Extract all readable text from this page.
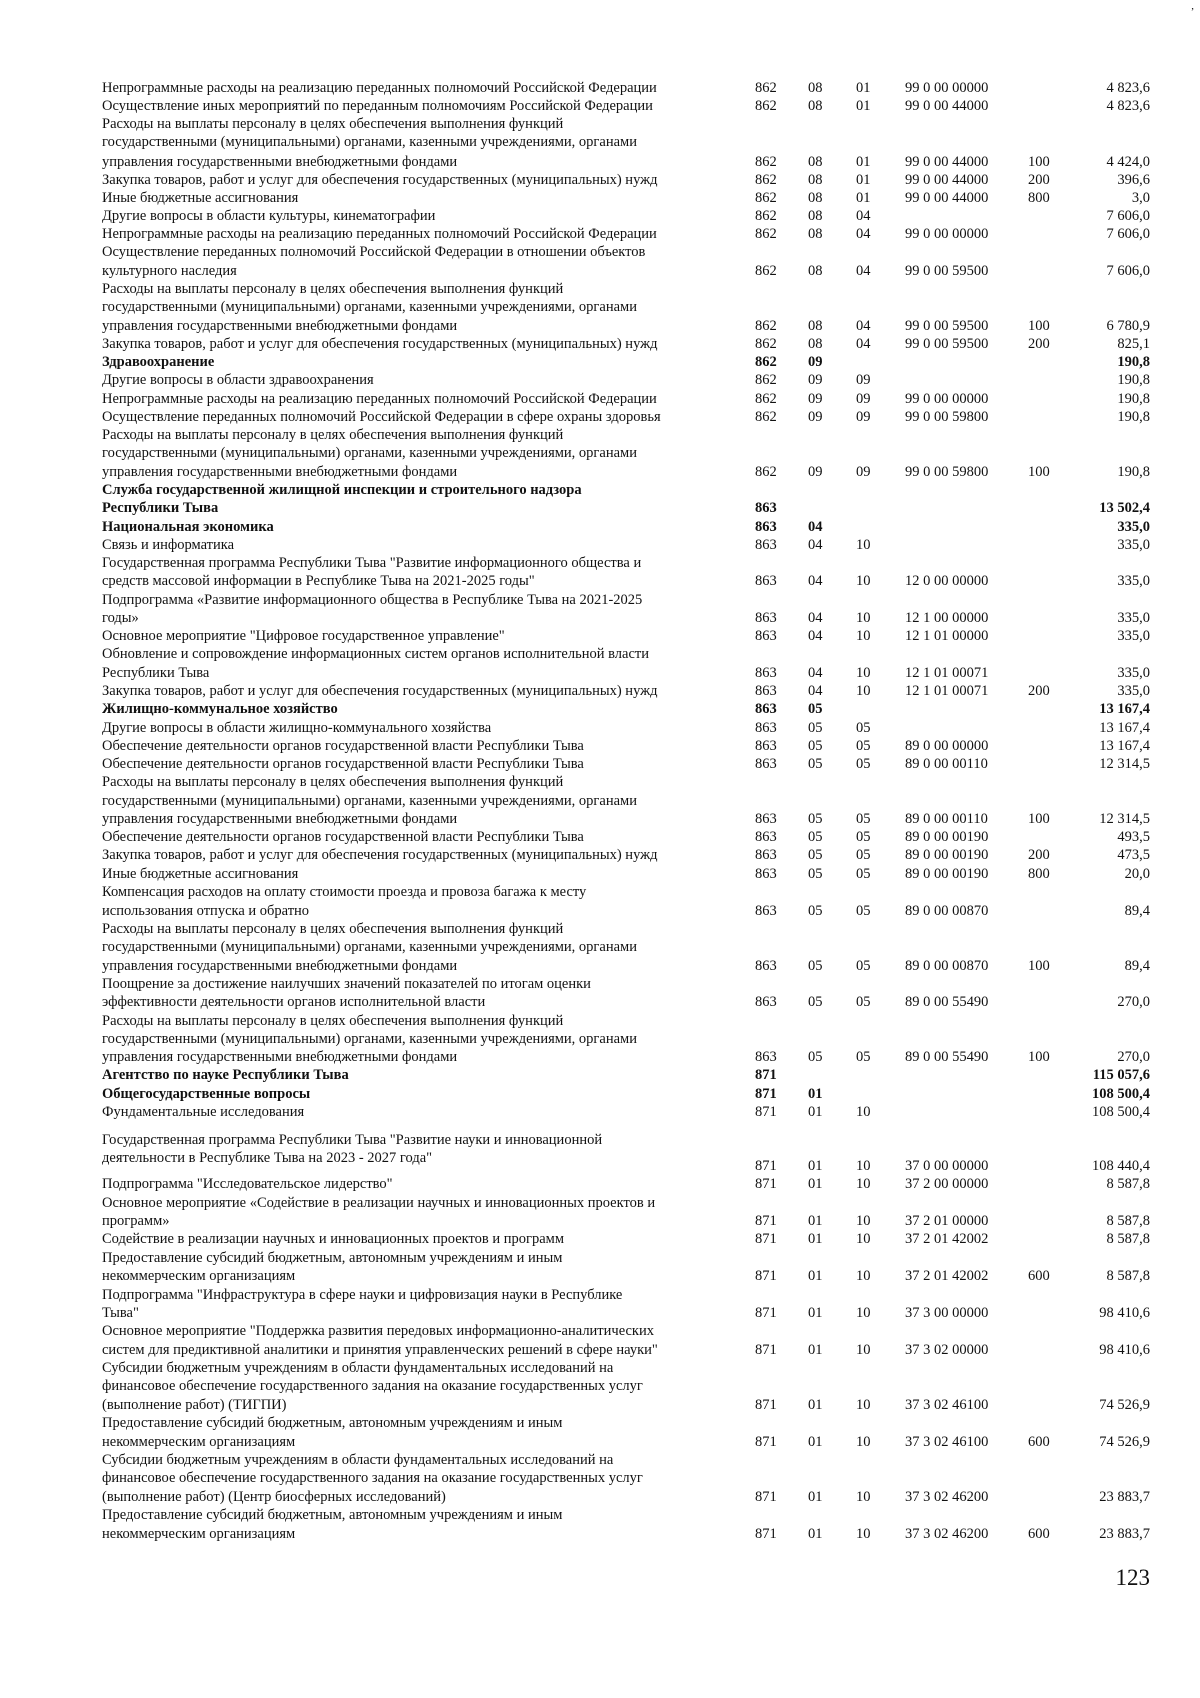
,
Непрограммные расходы на реализацию переданных полномочий Российской Федерации	862 08 01 99 0 00 00000	4 823,6
Осуществление иных мероприятий по переданным полномочиям Российской Федерации	862 08 01 99 0 00 44000	4 823,6
Расходы на выплаты персоналу в целях обеспечения выполнения функций
государственными (муниципальными) органами, казенными учреждениями, органами
управления государственными внебюджетными фондами	862 08 01 99 0 00 44000	100	4 424,0
Закупка товаров, работ и услуг для обеспечения государственных (муниципальных) нужд	862 08 01 99 0 00 44000	200	396,6
Иные бюджетные ассигнования	862 08 01 99 0 00 44000	800	3,0
Другие вопросы в области культуры, кинематографии	862 08 04	7 606,0
Непрограммные расходы на реализацию переданных полномочий Российской Федерации	862 08 04 99 0 00 00000	7 606,0
Осуществление переданных полномочий Российской Федерации в отношении объектов
культурного наследия	862 08 04 99 0 00 59500	7 606,0
Расходы на выплаты персоналу в целях обеспечения выполнения функций
государственными (муниципальными) органами, казенными учреждениями, органами
управления государственными внебюджетными фондами	862 08 04 99 0 00 59500	100	6 780,9
Закупка товаров, работ и услуг для обеспечения государственных (муниципальных) нужд	862 08 04 99 0 00 59500	200	825,1
Здравоохранение	862 09	190,8
Другие вопросы в области здравоохранения	862 09 09	190,8
Непрограммные расходы на реализацию переданных полномочий Российской Федерации	862 09 09 99 0 00 00000	190,8
Осуществление переданных полномочий Российской Федерации в сфере охраны здоровья	862 09 09 99 0 00 59800	190,8
Расходы на выплаты персоналу в целях обеспечения выполнения функций
государственными (муниципальными) органами, казенными учреждениями, органами
управления государственными внебюджетными фондами	862 09 09 99 0 00 59800	100	190,8
Служба государственной жилищной инспекции и строительного надзора
Республики Тыва	863	13 502,4
Национальная экономика	863 04	335,0
Связь и информатика	863 04 10	335,0
Государственная программа Республики Тыва "Развитие информационного общества и
средств массовой информации в Республике Тыва на 2021-2025 годы"	863 04 10 12 0 00 00000	335,0
Подпрограмма «Развитие информационного общества в Республике Тыва на 2021-2025
годы»	863 04 10 12 1 00 00000	335,0
Основное мероприятие "Цифровое государственное управление"	863 04 10 12 1 01 00000	335,0
Обновление и сопровождение информационных систем органов исполнительной власти
Республики Тыва	863 04 10 12 1 01 00071	335,0
Закупка товаров, работ и услуг для обеспечения государственных (муниципальных) нужд	863 04 10 12 1 01 00071	200	335,0
Жилищно-коммунальное хозяйство	863 05	13 167,4
Другие вопросы в области жилищно-коммунального хозяйства	863 05 05	13 167,4
Обеспечение деятельности органов государственной власти Республики Тыва	863 05 05 89 0 00 00000	13 167,4
Обеспечение деятельности органов государственной власти Республики Тыва	863 05 05 89 0 00 00110	12 314,5
Расходы на выплаты персоналу в целях обеспечения выполнения функций
государственными (муниципальными) органами, казенными учреждениями, органами
управления государственными внебюджетными фондами	863 05 05 89 0 00 00110	100	12 314,5
Обеспечение деятельности органов государственной власти Республики Тыва	863 05 05 89 0 00 00190	493,5
Закупка товаров, работ и услуг для обеспечения государственных (муниципальных) нужд	863 05 05 89 0 00 00190	200	473,5
Иные бюджетные ассигнования	863 05 05 89 0 00 00190	800	20,0
Компенсация расходов на оплату стоимости проезда и провоза багажа к месту
использования отпуска и обратно	863 05 05 89 0 00 00870	89,4
Расходы на выплаты персоналу в целях обеспечения выполнения функций
государственными (муниципальными) органами, казенными учреждениями, органами
управления государственными внебюджетными фондами	863 05 05 89 0 00 00870	100	89,4
Поощрение за достижение наилучших значений показателей по итогам оценки
эффективности деятельности органов исполнительной власти	863 05 05 89 0 00 55490	270,0
Расходы на выплаты персоналу в целях обеспечения выполнения функций
государственными (муниципальными) органами, казенными учреждениями, органами
управления государственными внебюджетными фондами	863 05 05 89 0 00 55490	100	270,0
Агентство по науке Республики Тыва	871	115 057,6
Общегосударственные вопросы	871 01	108 500,4
Фундаментальные исследования	871 01 10	108 500,4
Государственная программа Республики Тыва "Развитие науки и инновационной
деятельности в Республике Тыва на 2023 - 2027 года"	871 01 10 37 0 00 00000	108 440,4
Подпрограмма "Исследовательское лидерство"	871 01 10 37 2 00 00000	8 587,8
Основное мероприятие «Содействие в реализации научных и инновационных проектов и
программ»	871 01 10 37 2 01 00000	8 587,8
Содействие в реализации научных и инновационных проектов и программ	871 01 10 37 2 01 42002	8 587,8
Предоставление субсидий бюджетным, автономным учреждениям и иным
некоммерческим организациям	871 01 10 37 2 01 42002	600	8 587,8
Подпрограмма "Инфраструктура в сфере науки и цифровизация науки в Республике
Тыва"	871 01 10 37 3 00 00000	98 410,6
Основное мероприятие "Поддержка развития передовых информационно-аналитических
систем для предиктивной аналитики и принятия управленческих решений в сфере науки"	871 01 10 37 3 02 00000	98 410,6
Субсидии бюджетным учреждениям в области фундаментальных исследований на
финансовое обеспечение государственного задания на оказание государственных услуг
(выполнение работ) (ТИГПИ)	871 01 10 37 3 02 46100	74 526,9
Предоставление субсидий бюджетным, автономным учреждениям и иным
некоммерческим организациям	871 01 10 37 3 02 46100	600	74 526,9
Субсидии бюджетным учреждениям в области фундаментальных исследований на
финансовое обеспечение государственного задания на оказание государственных услуг
(выполнение работ) (Центр биосферных исследований)	871 01 10 37 3 02 46200	23 883,7
Предоставление субсидий бюджетным, автономным учреждениям и иным
некоммерческим организациям	871 01 10 37 3 02 46200	600	23 883,7
123
